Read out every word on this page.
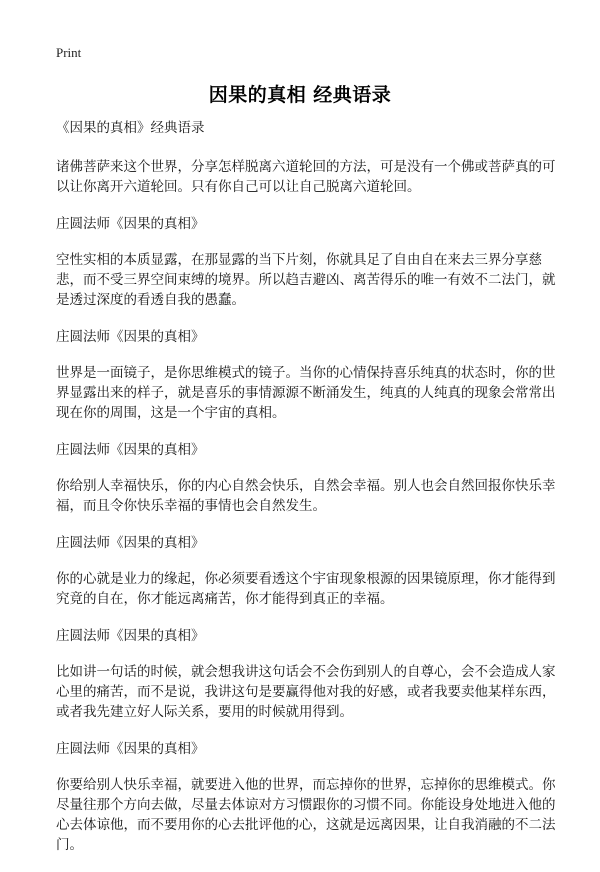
Print
因果的真相 经典语录

《因果的真相》经典语录

诸佛菩萨来这个世界，分享怎样脱离六道轮回的方法，可是没有一个佛或菩萨真的可以让你离开六道轮回。只有你自己可以让自己脱离六道轮回。

庄圆法师《因果的真相》

空性实相的本质显露，在那显露的当下片刻，你就具足了自由自在来去三界分享慈悲，而不受三界空间束缚的境界。所以趋吉避凶、离苦得乐的唯一有效不二法门，就是透过深度的看透自我的愚蠢。

庄圆法师《因果的真相》

世界是一面镜子，是你思维模式的镜子。当你的心情保持喜乐纯真的状态时，你的世界显露出来的样子，就是喜乐的事情源源不断涌发生，纯真的人纯真的现象会常常出现在你的周围，这是一个宇宙的真相。

庄圆法师《因果的真相》

你给别人幸福快乐，你的内心自然会快乐，自然会幸福。别人也会自然回报你快乐幸福，而且令你快乐幸福的事情也会自然发生。

庄圆法师《因果的真相》

你的心就是业力的缘起，你必须要看透这个宇宙现象根源的因果镜原理，你才能得到究竟的自在，你才能远离痛苦，你才能得到真正的幸福。

庄圆法师《因果的真相》

比如讲一句话的时候，就会想我讲这句话会不会伤到别人的自尊心，会不会造成人家心里的痛苦，而不是说，我讲这句是要赢得他对我的好感，或者我要卖他某样东西，或者我先建立好人际关系，要用的时候就用得到。

庄圆法师《因果的真相》

你要给别人快乐幸福，就要进入他的世界，而忘掉你的世界，忘掉你的思维模式。你尽量往那个方向去做，尽量去体谅对方习惯跟你的习惯不同。你能设身处地进入他的心去体谅他，而不要用你的心去批评他的心，这就是远离因果，让自我消融的不二法门。
